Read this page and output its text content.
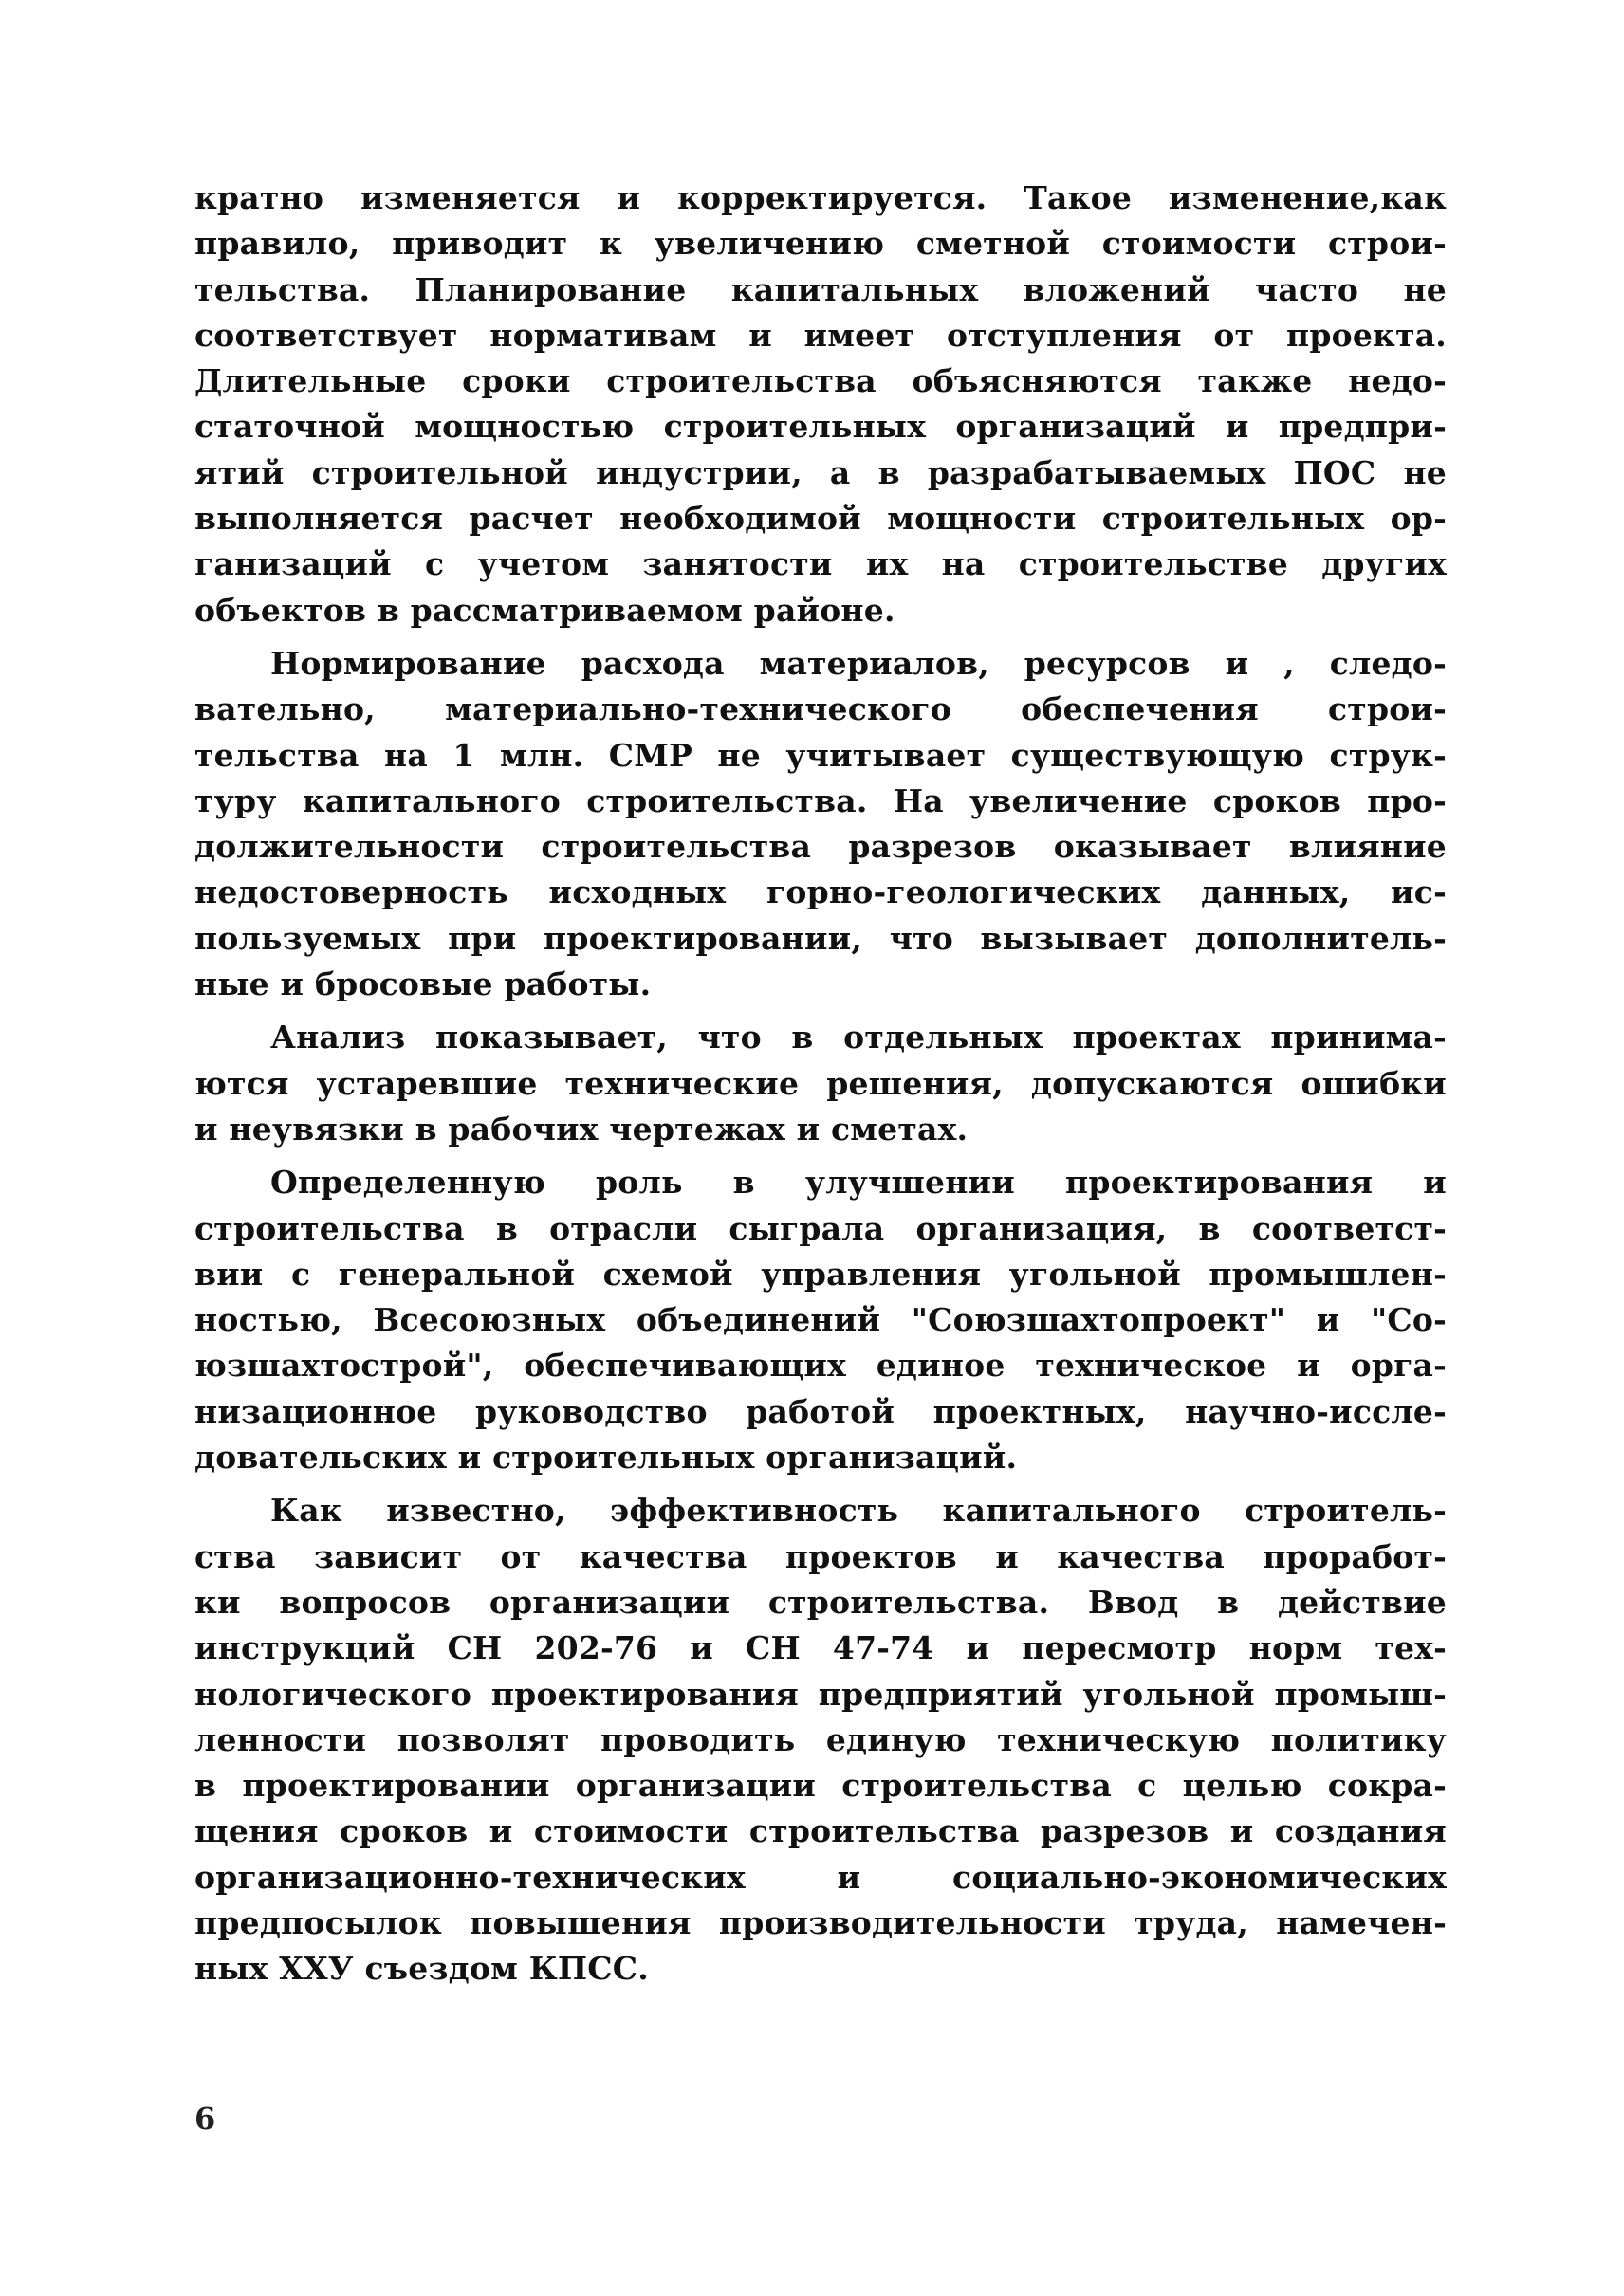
кратно изменяется и корректируется. Такое изменение,как
правило, приводит к увеличению сметной стоимости строи-
тельства. Планирование капитальных вложений часто не
соответствует нормативам и имеет отступления от проекта.
Длительные сроки строительства объясняются также недо-
статочной мощностью строительных организаций и предпри-
ятий строительной индустрии, а в разрабатываемых ПОС не
выполняется расчет необходимой мощности строительных ор-
ганизаций с учетом занятости их на строительстве других
объектов в рассматриваемом районе.
Нормирование расхода материалов, ресурсов и , следо-
вательно, материально-технического обеспечения строи-
тельства на 1 млн. СМР не учитывает существующую струк-
туру капитального строительства. На увеличение сроков про-
должительности строительства разрезов оказывает влияние
недостоверность исходных горно-геологических данных, ис-
пользуемых при проектировании, что вызывает дополнитель-
ные и бросовые работы.
Анализ показывает, что в отдельных проектах принима-
ются устаревшие технические решения, допускаются ошибки
и неувязки в рабочих чертежах и сметах.
Определенную роль в улучшении проектирования и
строительства в отрасли сыграла организация, в соответст-
вии с генеральной схемой управления угольной промышлен-
ностью, Всесоюзных объединений "Союзшахтопроект" и "Со-
юзшахтострой", обеспечивающих единое техническое и орга-
низационное руководство работой проектных, научно-иссле-
довательских и строительных организаций.
Как известно, эффективность капитального строитель-
ства зависит от качества проектов и качества проработ-
ки вопросов организации строительства. Ввод в действие
инструкций СН 202-76 и СН 47-74 и пересмотр норм тех-
нологического проектирования предприятий угольной промыш-
ленности позволят проводить единую техническую политику
в проектировании организации строительства с целью сокра-
щения сроков и стоимости строительства разрезов и создания
организационно-технических и социально-экономических
предпосылок повышения производительности труда, намечен-
ных XXУ съездом КПСС.
6
